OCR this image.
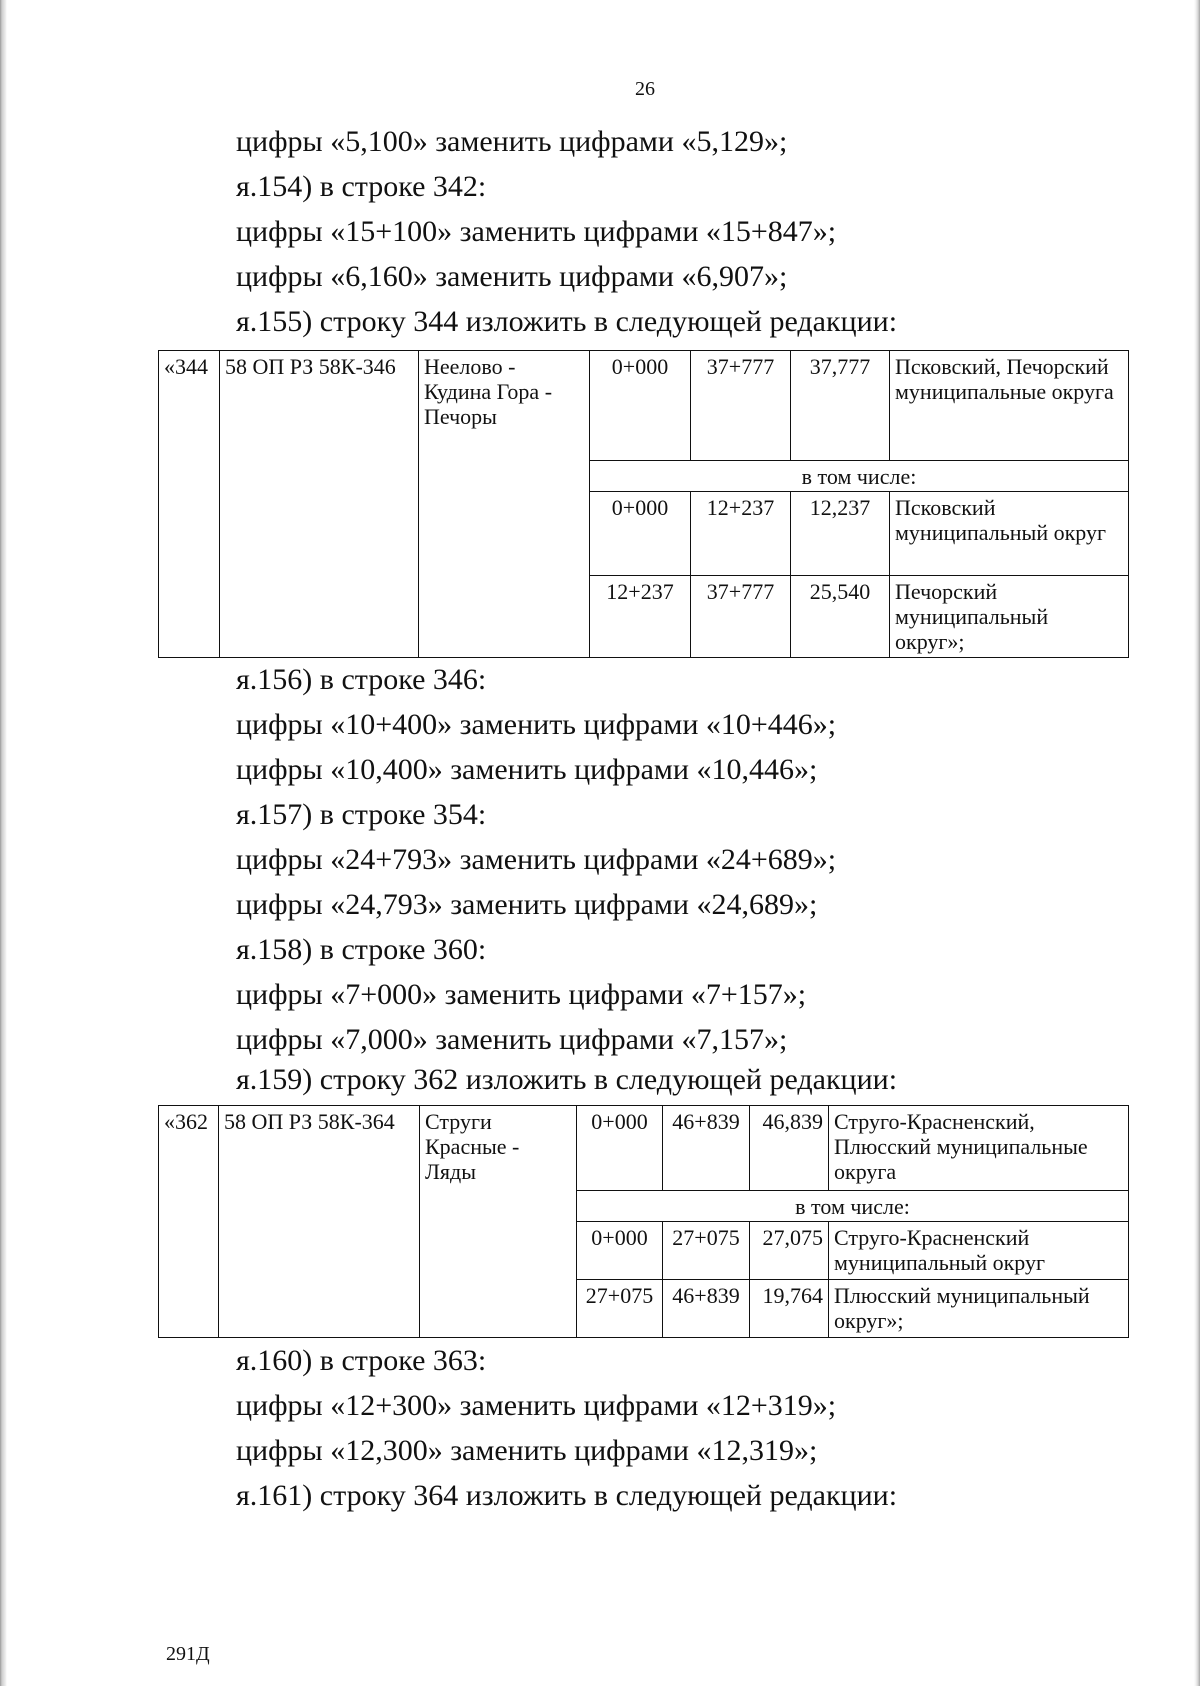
26
цифры «5,100» заменить цифрами «5,129»;
я.154) в строке 342:
цифры «15+100» заменить цифрами «15+847»;
цифры «6,160» заменить цифрами «6,907»;
я.155) строку 344 изложить в следующей редакции:
«344	58 ОП РЗ 58К-346	Неелово - Кудина Гора - Печоры	0+000	37+777	37,777	Псковский, Печорский муниципальные округа
			в том числе:			
			0+000	12+237	12,237	Псковский муниципальный округ
			12+237	37+777	25,540	Печорский муниципальный округ»;
я.156) в строке 346:
цифры «10+400» заменить цифрами «10+446»;
цифры «10,400» заменить цифрами «10,446»;
я.157) в строке 354:
цифры «24+793» заменить цифрами «24+689»;
цифры «24,793» заменить цифрами «24,689»;
я.158) в строке 360:
цифры «7+000» заменить цифрами «7+157»;
цифры «7,000» заменить цифрами «7,157»;
я.159) строку 362 изложить в следующей редакции:
«362	58 ОП РЗ 58К-364	Струги Красные - Ляды	0+000	46+839	46,839	Струго-Красненский, Плюсский муниципальные округа
			в том числе:			
			0+000	27+075	27,075	Струго-Красненский муниципальный округ
			27+075	46+839	19,764	Плюсский муниципальный округ»;
я.160) в строке 363:
цифры «12+300» заменить цифрами «12+319»;
цифры «12,300» заменить цифрами «12,319»;
я.161) строку 364 изложить в следующей редакции:
291Д
